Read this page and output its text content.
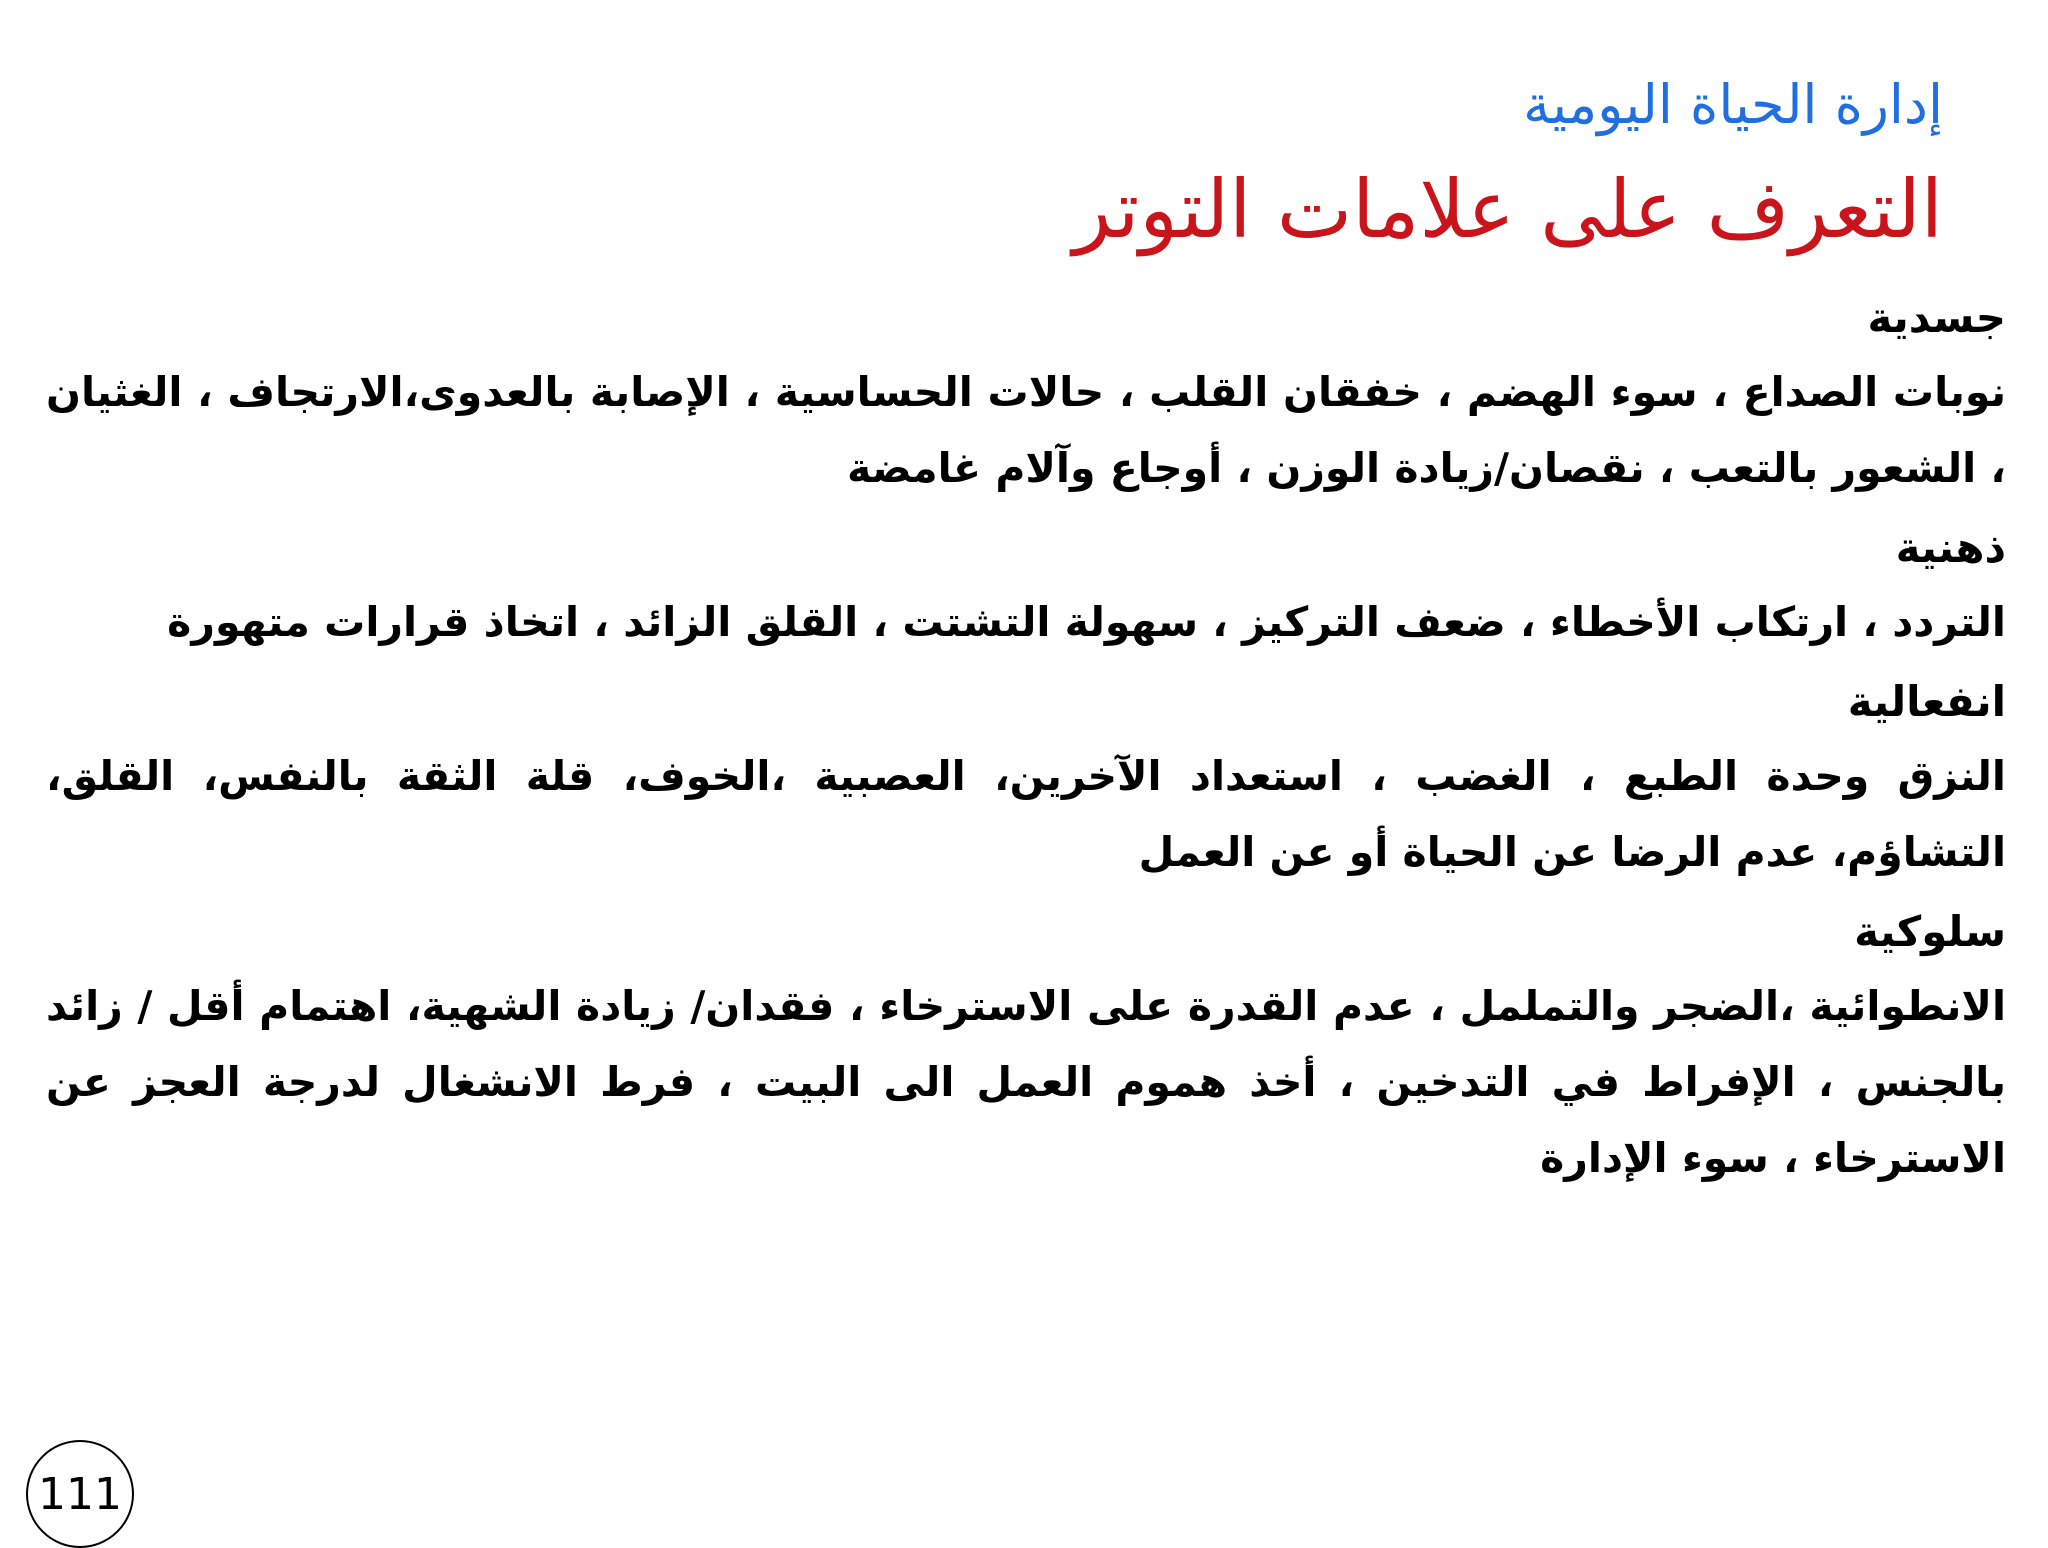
إدارة الحياة اليومية
التعرف على علامات التوتر

جسدية

نوبات الصداع ، سوء الهضم ، خفقان القلب ، حالات الحساسية ، الإصابة بالعدوى،الارتجاف ، الغثيان ، الشعور بالتعب ، نقصان/زيادة الوزن ، أوجاع وآلام غامضة

ذهنية

التردد ، ارتكاب الأخطاء ، ضعف التركيز ، سهولة التشتت ، القلق الزائد ، اتخاذ قرارات متهورة

انفعالية

النزق وحدة الطبع ، الغضب ، استعداد الآخرين، العصبية ،الخوف، قلة الثقة بالنفس، القلق، التشاؤم، عدم الرضا عن الحياة أو عن العمل

سلوكية

الانطوائية ،الضجر والتململ ، عدم القدرة على الاسترخاء ، فقدان/ زيادة الشهية، اهتمام أقل / زائد بالجنس ، الإفراط في التدخين ، أخذ هموم العمل الى البيت ، فرط الانشغال لدرجة العجز عن الاسترخاء ، سوء الإدارة

111
